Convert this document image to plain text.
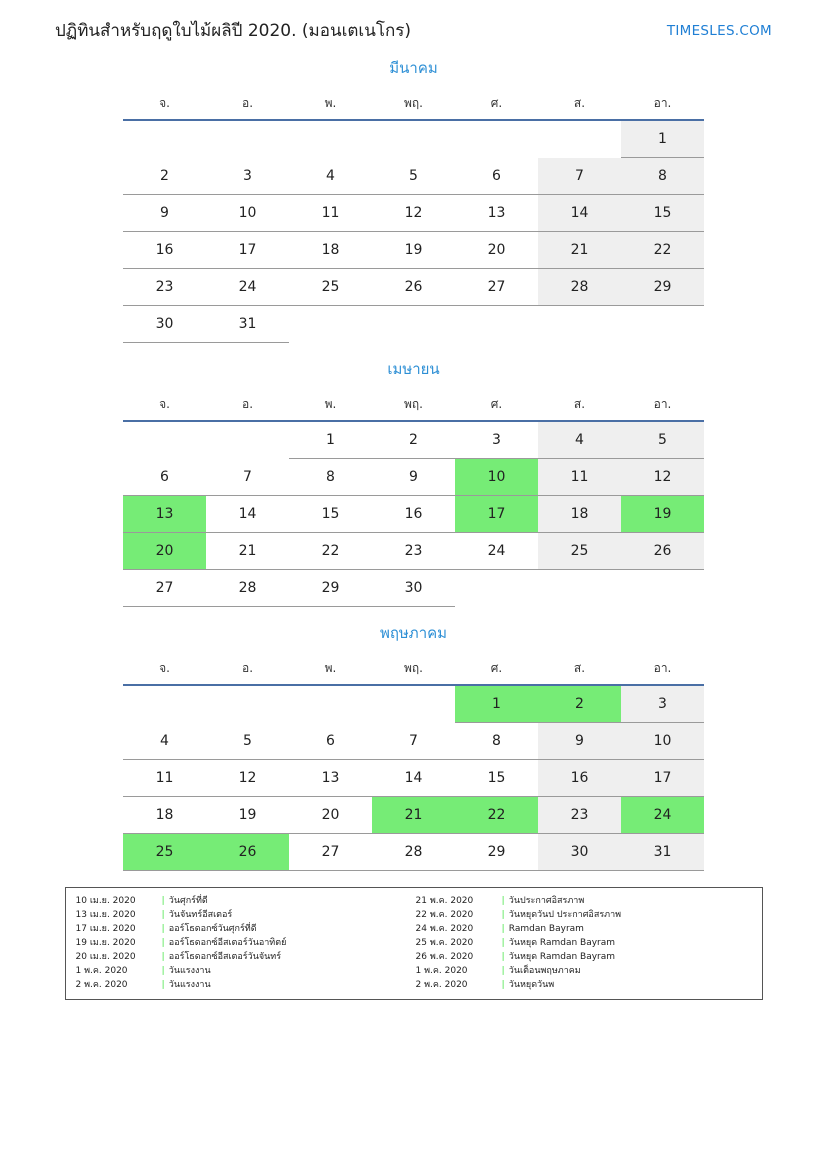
ปฏิทินสำหรับฤดูใบไม้ผลิปี 2020. (มอนเตเนโกร)	TIMESLES.COM
มีนาคม
จ.	อ.	พ.	พฤ.	ศ.	ส.	อา.
						1
2	3	4	5	6	7	8
9	10	11	12	13	14	15
16	17	18	19	20	21	22
23	24	25	26	27	28	29
30	31					
เมษายน
จ.	อ.	พ.	พฤ.	ศ.	ส.	อา.
		1	2	3	4	5
6	7	8	9	10	11	12
13	14	15	16	17	18	19
20	21	22	23	24	25	26
27	28	29	30			
พฤษภาคม
จ.	อ.	พ.	พฤ.	ศ.	ส.	อา.
				1	2	3
4	5	6	7	8	9	10
11	12	13	14	15	16	17
18	19	20	21	22	23	24
25	26	27	28	29	30	31
10 เม.ย. 2020	| วันศุกร์ที่ดี
13 เม.ย. 2020	| วันจันทร์อีสเตอร์
17 เม.ย. 2020	| ออร์โธดอกซ์วันศุกร์ที่ดี
19 เม.ย. 2020	| ออร์โธดอกซ์อีสเตอร์วันอาทิตย์
20 เม.ย. 2020	| ออร์โธดอกซ์อีสเตอร์วันจันทร์
1 พ.ค. 2020	| วันแรงงาน
2 พ.ค. 2020	| วันแรงงาน
21 พ.ค. 2020	| วันประกาศอิสรภาพ
22 พ.ค. 2020	| วันหยุดวันป ประกาศอิสรภาพ
24 พ.ค. 2020	| Ramdan Bayram
25 พ.ค. 2020	| วันหยุด Ramdan Bayram
26 พ.ค. 2020	| วันหยุด Ramdan Bayram
1 พ.ค. 2020	| วันเต็อนพฤษภาคม
2 พ.ค. 2020	| วันหยุดวันพ
